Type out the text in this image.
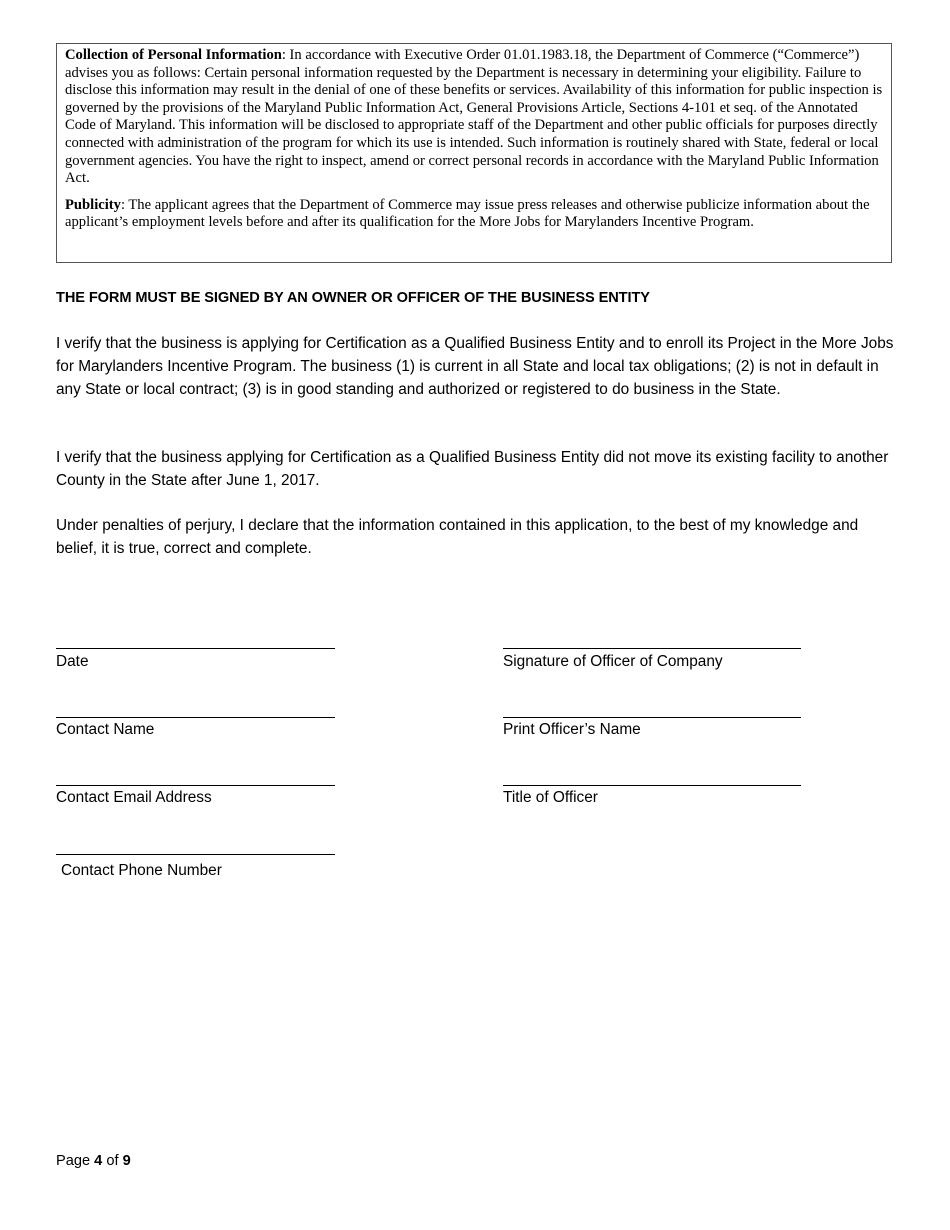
Collection of Personal Information: In accordance with Executive Order 01.01.1983.18, the Department of Commerce (“Commerce”) advises you as follows: Certain personal information requested by the Department is necessary in determining your eligibility. Failure to disclose this information may result in the denial of one of these benefits or services. Availability of this information for public inspection is governed by the provisions of the Maryland Public Information Act, General Provisions Article, Sections 4-101 et seq. of the Annotated Code of Maryland. This information will be disclosed to appropriate staff of the Department and other public officials for purposes directly connected with administration of the program for which its use is intended. Such information is routinely shared with State, federal or local government agencies. You have the right to inspect, amend or correct personal records in accordance with the Maryland Public Information Act.

Publicity: The applicant agrees that the Department of Commerce may issue press releases and otherwise publicize information about the applicant’s employment levels before and after its qualification for the More Jobs for Marylanders Incentive Program.

THE FORM MUST BE SIGNED BY AN OWNER OR OFFICER OF THE BUSINESS ENTITY

I verify that the business is applying for Certification as a Qualified Business Entity and to enroll its Project in the More Jobs for Marylanders Incentive Program. The business (1) is current in all State and local tax obligations; (2) is not in default in any State or local contract; (3) is in good standing and authorized or registered to do business in the State.

I verify that the business applying for Certification as a Qualified Business Entity did not move its existing facility to another County in the State after June 1, 2017.

Under penalties of perjury, I declare that the information contained in this application, to the best of my knowledge and belief, it is true, correct and complete.

Date
Contact Name
Contact Email Address
Contact Phone Number
Signature of Officer of Company
Print Officer’s Name
Title of Officer
Page 4 of 9
